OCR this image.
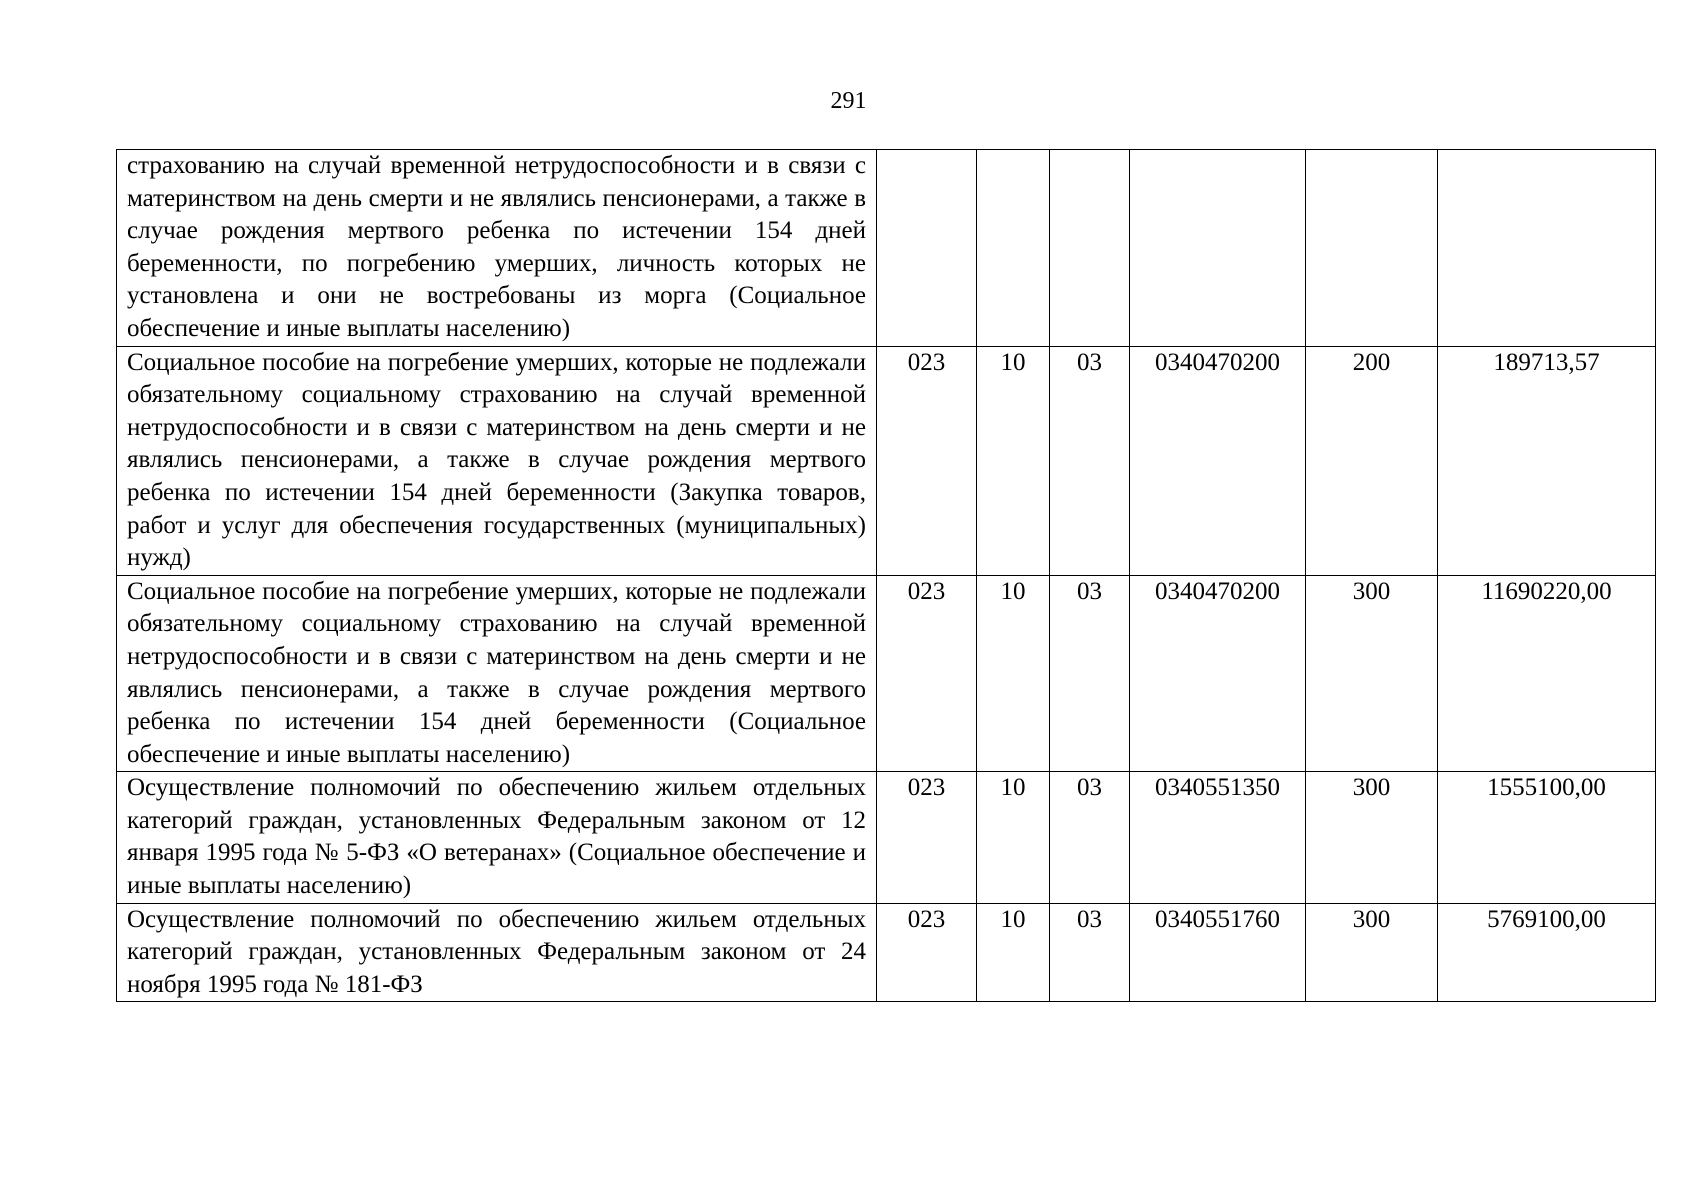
291
страхованию на случай временной нетрудоспособности и в связи с материнством на день смерти и не являлись пенсионерами, а также в случае рождения мертвого ребенка по истечении 154 дней беременности, по погребению умерших, личность которых не установлена и они не востребованы из морга (Социальное обеспечение и иные выплаты населению)						
Социальное пособие на погребение умерших, которые не подлежали обязательному социальному страхованию на случай временной нетрудоспособности и в связи с материнством на день смерти и не являлись пенсионерами, а также в случае рождения мертвого ребенка по истечении 154 дней беременности (Закупка товаров, работ и услуг для обеспечения государственных (муниципальных) нужд)	023	10	03	0340470200	200	189713,57
Социальное пособие на погребение умерших, которые не подлежали обязательному социальному страхованию на случай временной нетрудоспособности и в связи с материнством на день смерти и не являлись пенсионерами, а также в случае рождения мертвого ребенка по истечении 154 дней беременности (Социальное обеспечение и иные выплаты населению)	023	10	03	0340470200	300	11690220,00
Осуществление полномочий по обеспечению жильем отдельных категорий граждан, установленных Федеральным законом от 12 января 1995 года № 5-ФЗ «О ветеранах» (Социальное обеспечение и иные выплаты населению)	023	10	03	0340551350	300	1555100,00
Осуществление полномочий по обеспечению жильем отдельных категорий граждан, установленных Федеральным законом от 24 ноября 1995 года № 181-ФЗ	023	10	03	0340551760	300	5769100,00
